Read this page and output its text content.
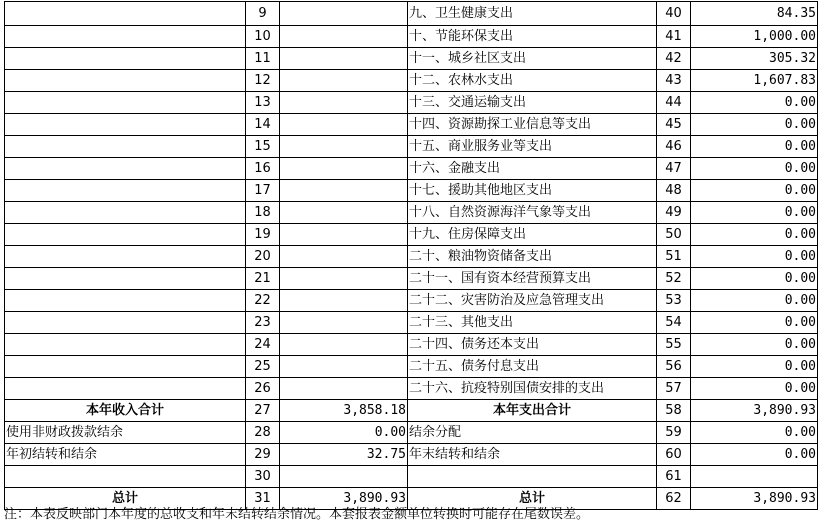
	9		九、卫生健康支出	40	84.35
	10		十、节能环保支出	41	1,000.00
	11		十一、城乡社区支出	42	305.32
	12		十二、农林水支出	43	1,607.83
	13		十三、交通运输支出	44	0.00
	14		十四、资源勘探工业信息等支出	45	0.00
	15		十五、商业服务业等支出	46	0.00
	16		十六、金融支出	47	0.00
	17		十七、援助其他地区支出	48	0.00
	18		十八、自然资源海洋气象等支出	49	0.00
	19		十九、住房保障支出	50	0.00
	20		二十、粮油物资储备支出	51	0.00
	21		二十一、国有资本经营预算支出	52	0.00
	22		二十二、灾害防治及应急管理支出	53	0.00
	23		二十三、其他支出	54	0.00
	24		二十四、债务还本支出	55	0.00
	25		二十五、债务付息支出	56	0.00
	26		二十六、抗疫特别国债安排的支出	57	0.00
本年收入合计	27	3,858.18	本年支出合计	58	3,890.93
使用非财政拨款结余	28	0.00	结余分配	59	0.00
年初结转和结余	29	32.75	年末结转和结余	60	0.00
	30			61	
总计	31	3,890.93	总计	62	3,890.93
注：本表反映部门本年度的总收支和年末结转结余情况。本套报表金额单位转换时可能存在尾数误差。
